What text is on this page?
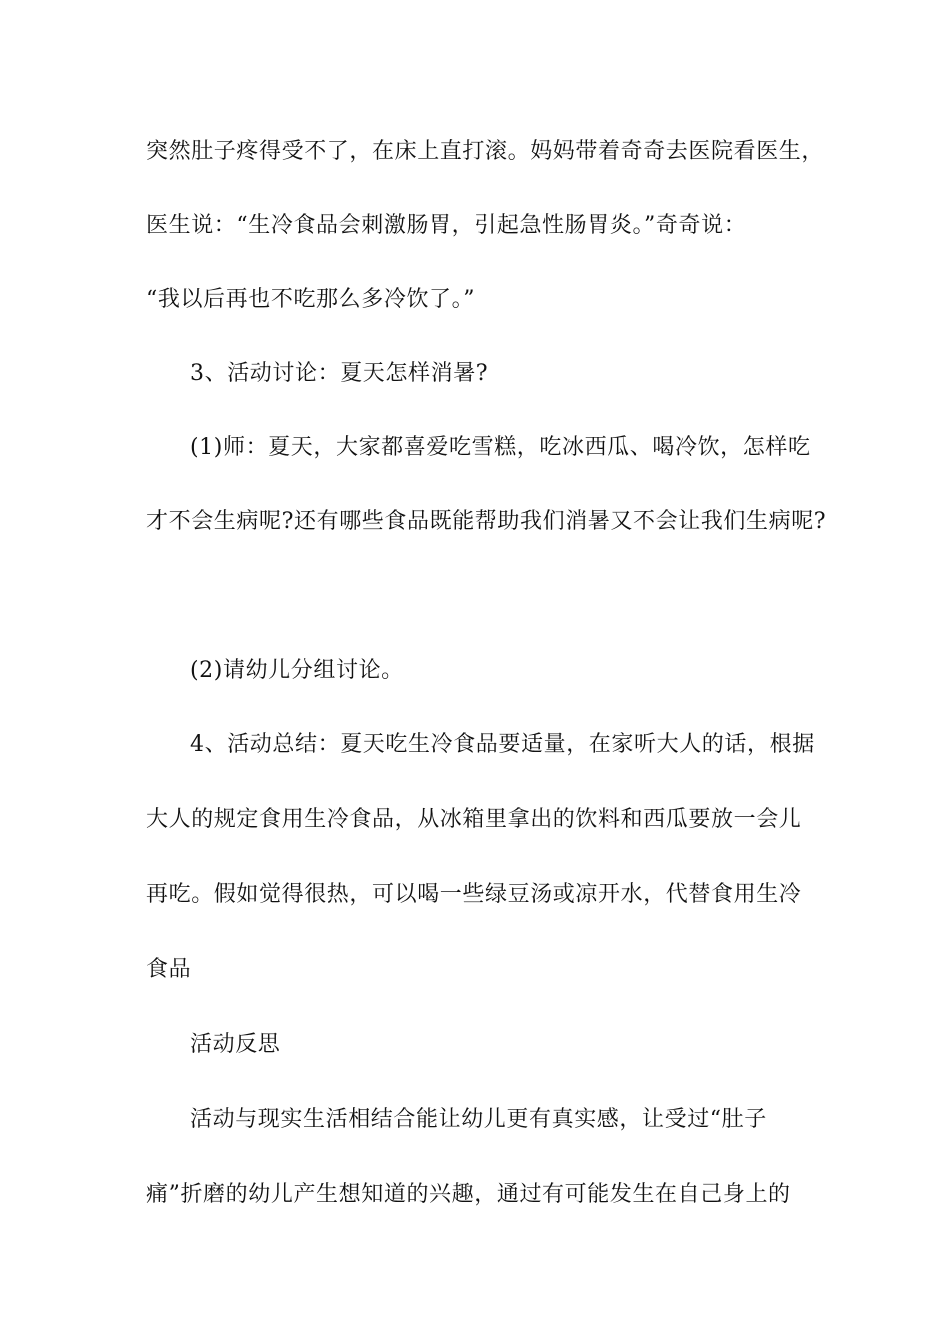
突然肚子疼得受不了，在床上直打滚。妈妈带着奇奇去医院看医生，
医生说：“生冷食品会刺激肠胃，引起急性肠胃炎。”奇奇说：
“我以后再也不吃那么多冷饮了。”
3、活动讨论：夏天怎样消暑?
(1)师：夏天，大家都喜爱吃雪糕，吃冰西瓜、喝冷饮，怎样吃
才不会生病呢?还有哪些食品既能帮助我们消暑又不会让我们生病呢?
(2)请幼儿分组讨论。
4、活动总结：夏天吃生冷食品要适量，在家听大人的话，根据
大人的规定食用生冷食品，从冰箱里拿出的饮料和西瓜要放一会儿
再吃。假如觉得很热，可以喝一些绿豆汤或凉开水，代替食用生冷
食品
活动反思
活动与现实生活相结合能让幼儿更有真实感，让受过“肚子
痛”折磨的幼儿产生想知道的兴趣，通过有可能发生在自己身上的
